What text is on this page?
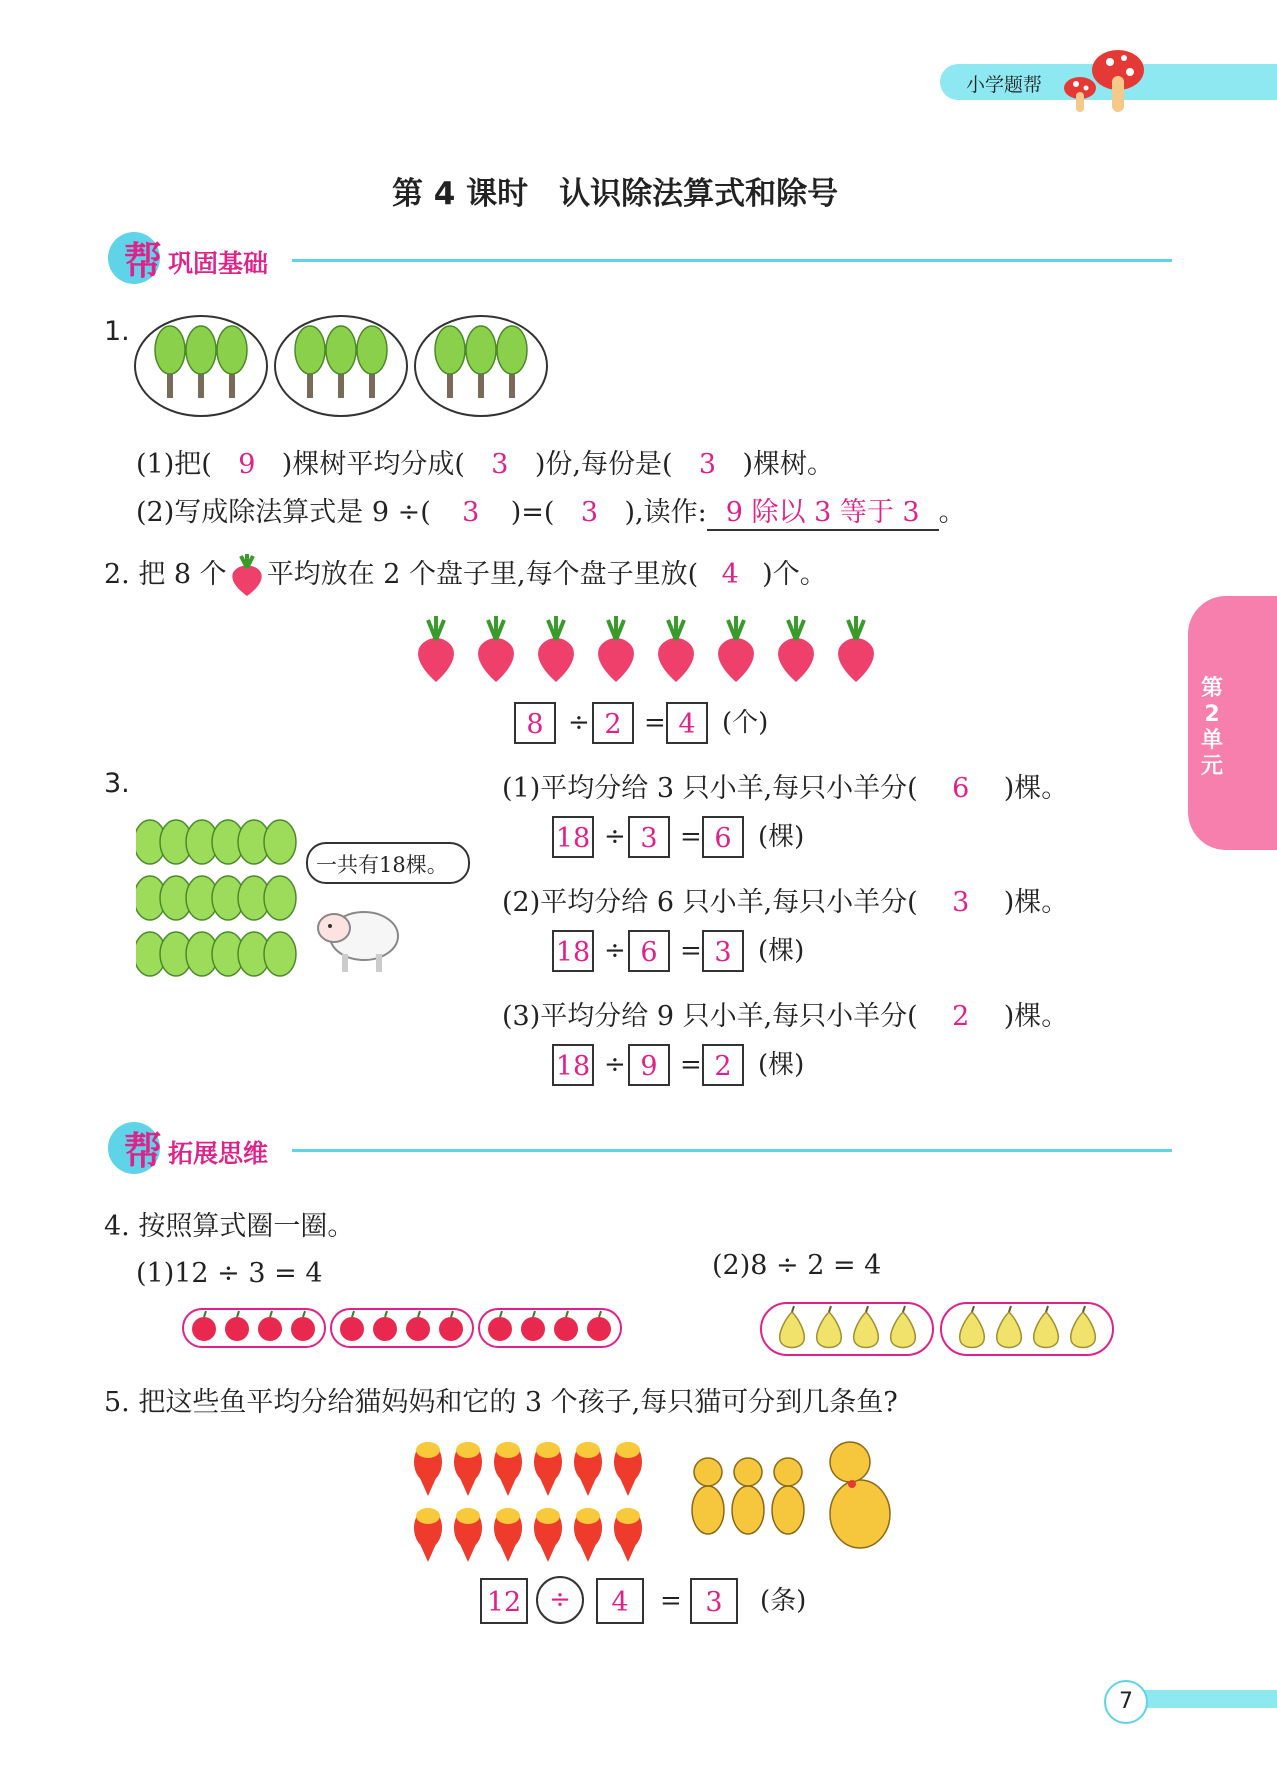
小学题帮
第2单元
第 4 课时　认识除法算式和除号
帮 巩固基础
1.
(1)把( 9 )棵树平均分成( 3 )份,每份是( 3 )棵树。
(2)写成除法算式是 9 ÷( 3 )=( 3 ),读作: 9 除以 3 等于 3 。
2. 把 8 个 平均放在 2 个盘子里,每个盘子里放( 4 )个。
8 ÷ 2 = 4	(个)
3.
一共有18棵。
(1)平均分给 3 只小羊,每只小羊分( 6 )棵。
18 ÷ 3 = 6	(棵)
(2)平均分给 6 只小羊,每只小羊分( 3 )棵。
18 ÷ 6 = 3	(棵)
(3)平均分给 9 只小羊,每只小羊分( 2 )棵。
18 ÷ 9 = 2	(棵)
帮 拓展思维
4. 按照算式圈一圈。
(1)12 ÷ 3 = 4	(2)8 ÷ 2 = 4
5. 把这些鱼平均分给猫妈妈和它的 3 个孩子,每只猫可分到几条鱼?
12	÷	4	= 3	(条)
7
